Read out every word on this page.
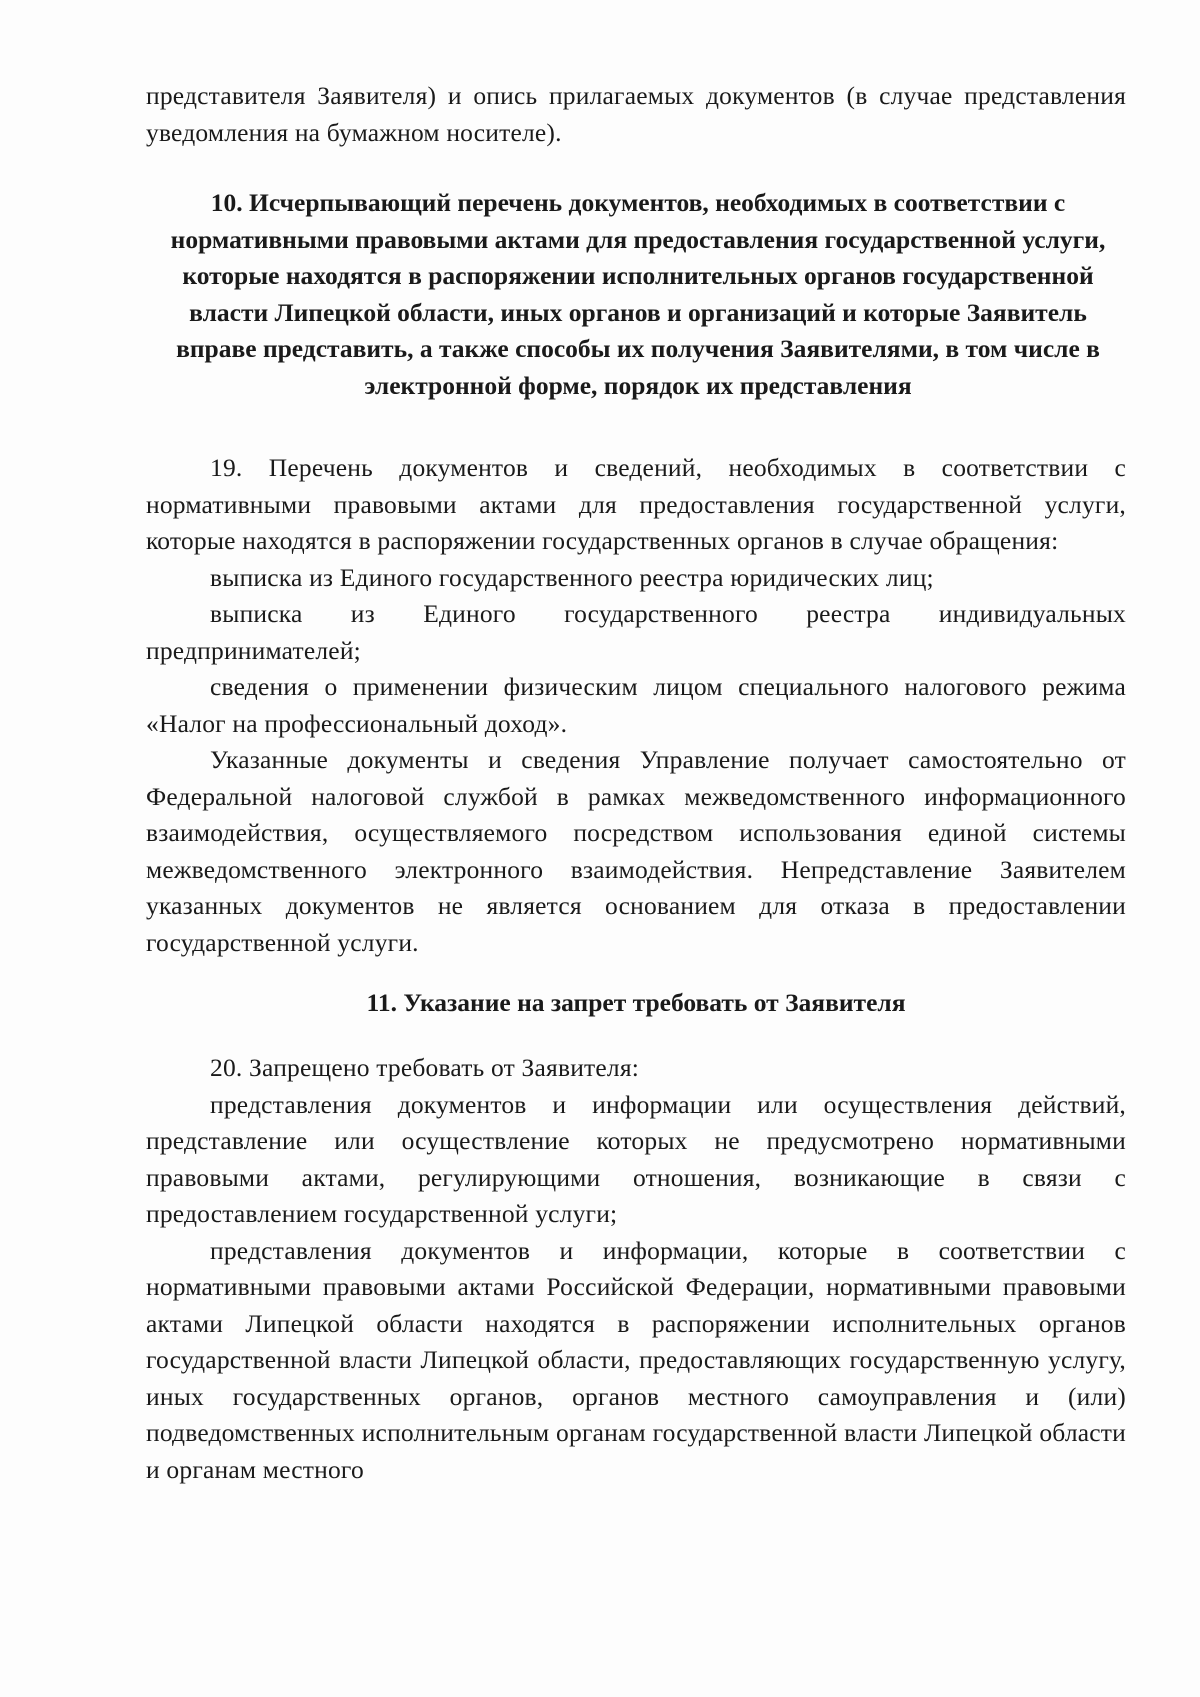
представителя Заявителя) и опись прилагаемых документов (в случае представления уведомления на бумажном носителе).

10. Исчерпывающий перечень документов, необходимых в соответствии с нормативными правовыми актами для предоставления государственной услуги, которые находятся в распоряжении исполнительных органов государственной власти Липецкой области, иных органов и организаций и которые Заявитель вправе представить, а также способы их получения Заявителями, в том числе в электронной форме, порядок их представления

19. Перечень документов и сведений, необходимых в соответствии с нормативными правовыми актами для предоставления государственной услуги, которые находятся в распоряжении государственных органов в случае обращения:

выписка из Единого государственного реестра юридических лиц;

выписка из Единого государственного реестра индивидуальных предпринимателей;

сведения о применении физическим лицом специального налогового режима «Налог на профессиональный доход».

Указанные документы и сведения Управление получает самостоятельно от Федеральной налоговой службой в рамках межведомственного информационного взаимодействия, осуществляемого посредством использования единой системы межведомственного электронного взаимодействия. Непредставление Заявителем указанных документов не является основанием для отказа в предоставлении государственной услуги.

11. Указание на запрет требовать от Заявителя

20. Запрещено требовать от Заявителя:

представления документов и информации или осуществления действий, представление или осуществление которых не предусмотрено нормативными правовыми актами, регулирующими отношения, возникающие в связи с предоставлением государственной услуги;

представления документов и информации, которые в соответствии с нормативными правовыми актами Российской Федерации, нормативными правовыми актами Липецкой области находятся в распоряжении исполнительных органов государственной власти Липецкой области, предоставляющих государственную услугу, иных государственных органов, органов местного самоуправления и (или) подведомственных исполнительным органам государственной власти Липецкой области и органам местного
